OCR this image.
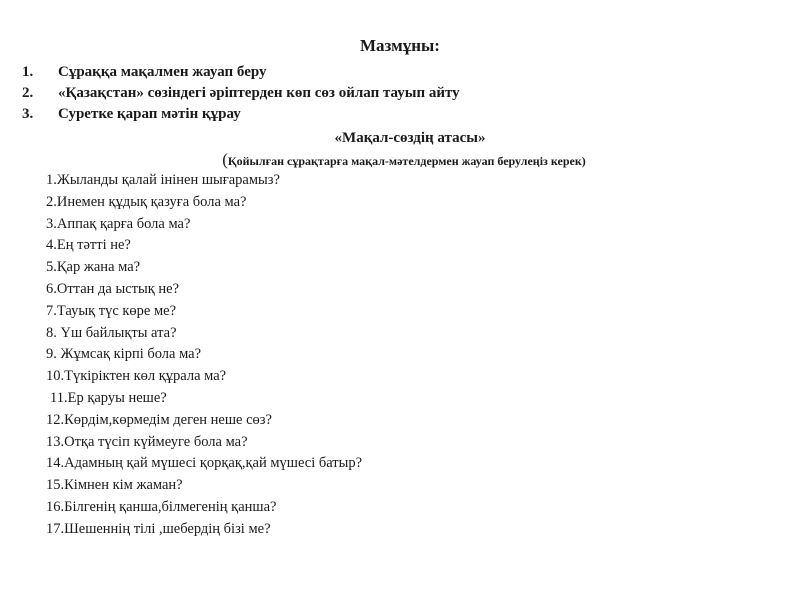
Мазмұны:
1. Сұраққа мақалмен жауап беру
2. «Қазақстан» сөзіндегі әріптерден көп сөз ойлап тауып айту
3. Суретке қарап мәтін құрау
«Мақал-сөздің атасы»
(Қойылған сұрақтарға мақал-мәтелдермен жауап берулеңіз керек)
1.Жыланды қалай інінен шығарамыз?
2.Инемен құдық қазуға бола ма?
3.Аппақ қарға бола ма?
4.Ең тәтті не?
5.Қар жана ма?
6.Оттан да ыстық не?
7.Тауық түс көре ме?
8. Үш байлықты ата?
9. Жұмсақ кірпі бола ма?
10.Түкіріктен көл құрала ма?
11.Ер қаруы неше?
12.Көрдім,көрмедім деген неше сөз?
13.Отқа түсіп күймеуге бола ма?
14.Адамның қай мүшесі қорқақ,қай мүшесі батыр?
15.Кімнен кім жаман?
16.Білгенің қанша,білмегенің қанша?
17.Шешеннің тілі ,шебердің бізі ме?
